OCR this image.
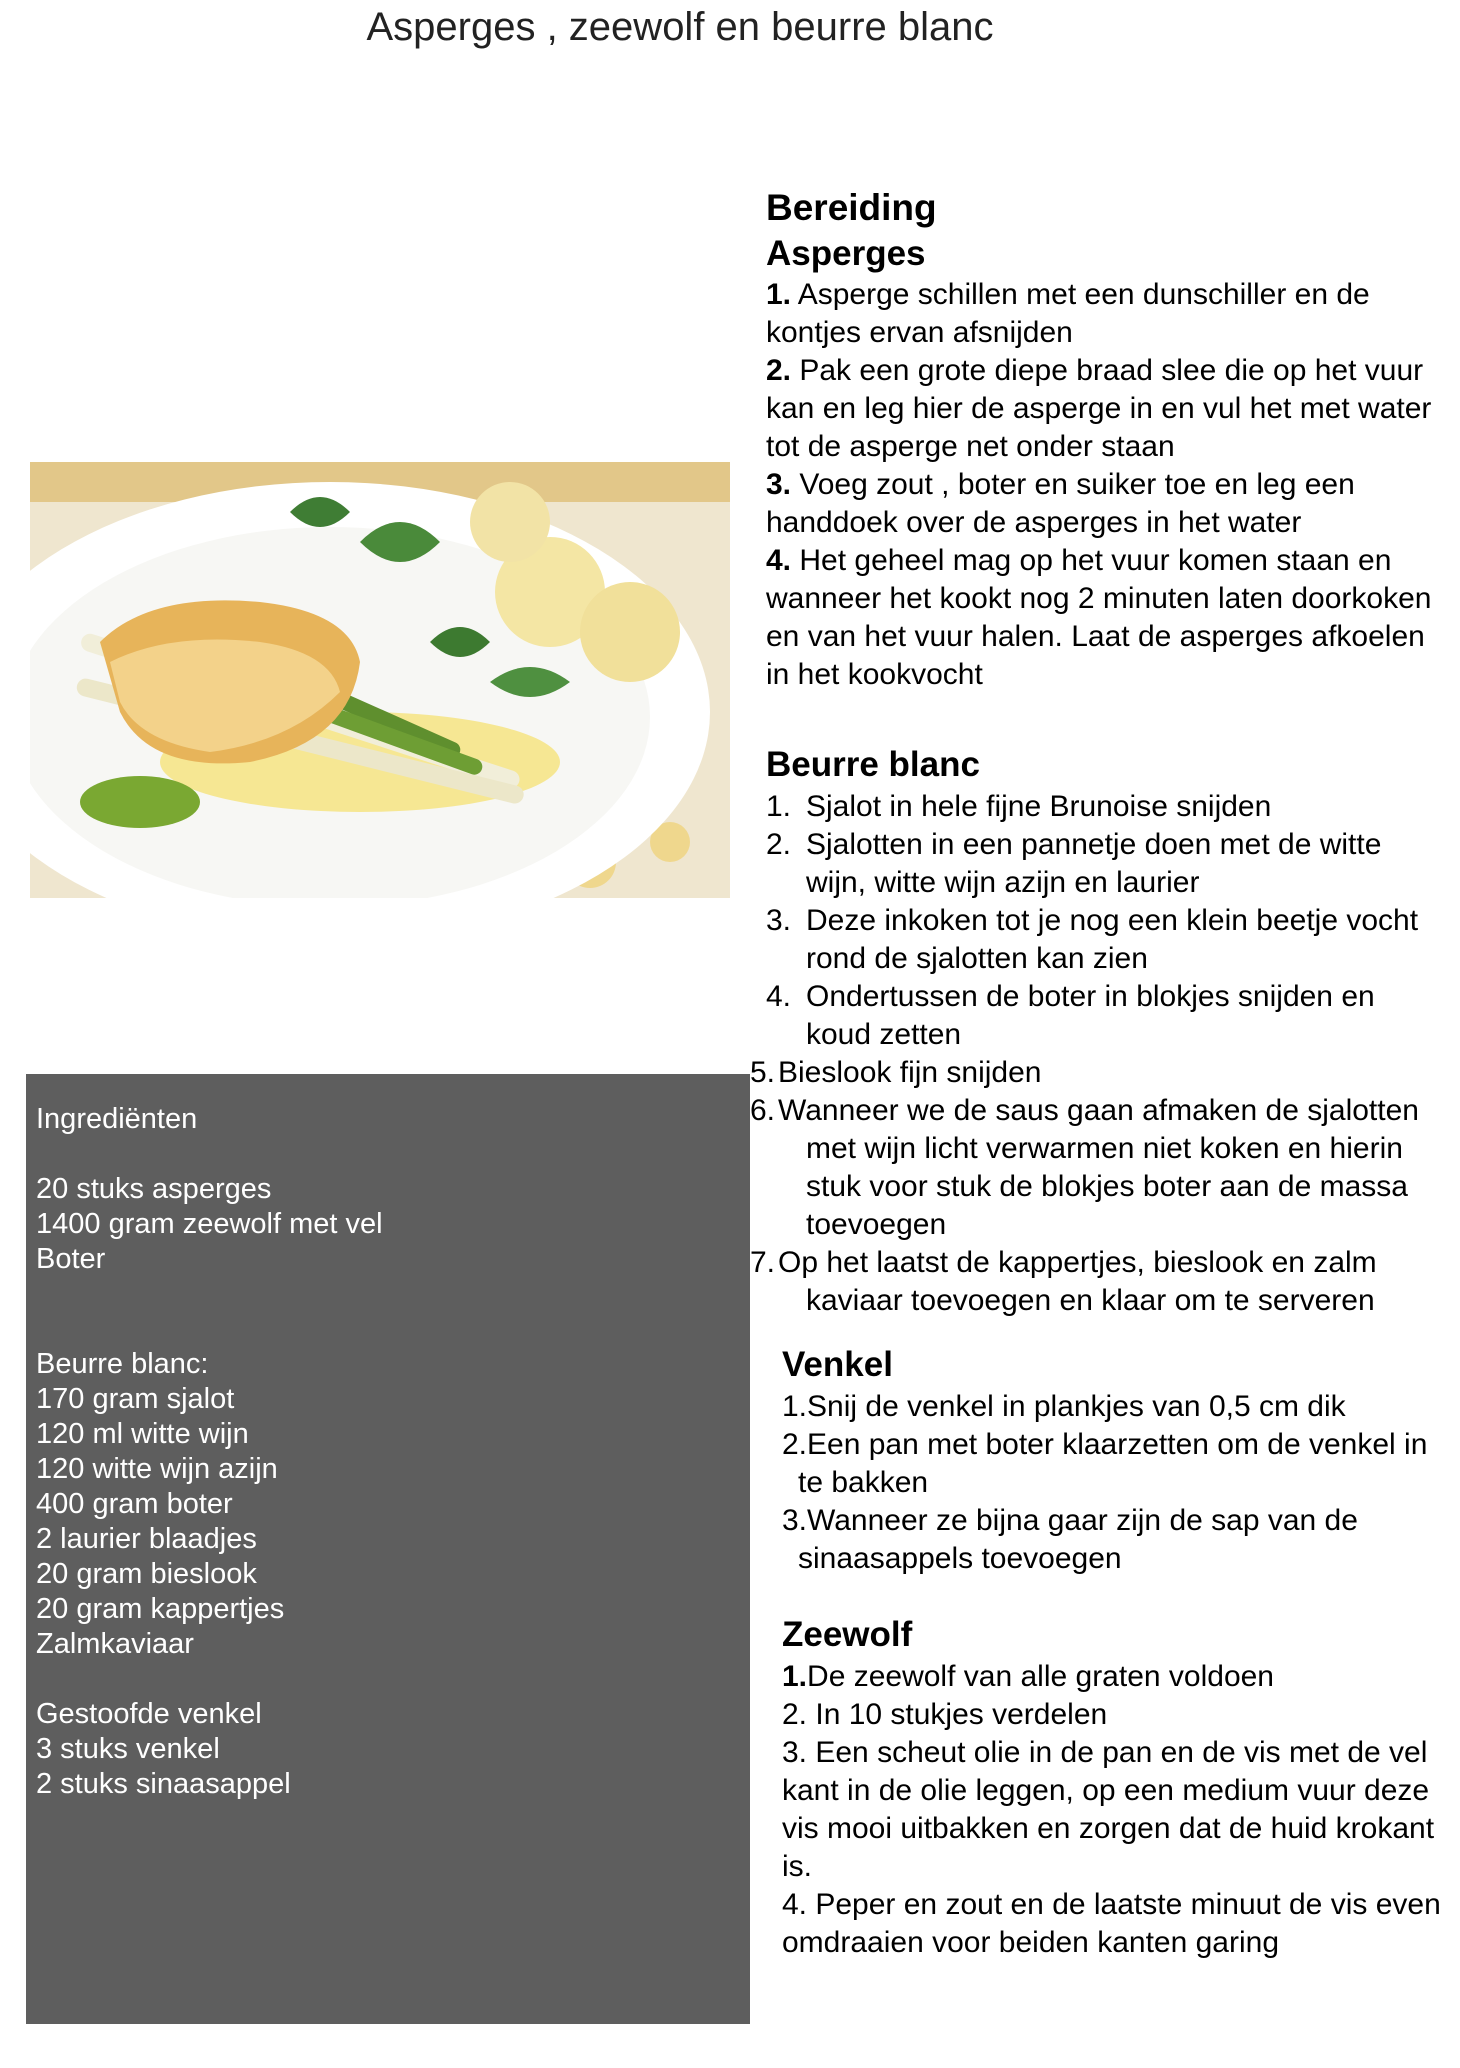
Asperges , zeewolf en beurre blanc
Ingrediënten
20 stuks asperges
1400 gram zeewolf met vel
Boter
Beurre blanc:
170 gram sjalot
120 ml witte wijn
120 witte wijn azijn
400 gram boter
2 laurier blaadjes
20 gram bieslook
20 gram kappertjes
Zalmkaviaar
Gestoofde venkel
3 stuks venkel
2 stuks sinaasappel
Bereiding
Asperges
1. Asperge schillen met een dunschiller en de kontjes ervan afsnijden
2. Pak een grote diepe braad slee die op het vuur
kan en leg hier de asperge in en vul het met water tot de asperge net onder staan
3. Voeg zout , boter en suiker toe en leg een handdoek over de asperges in het water
4. Het geheel mag op het vuur komen staan en wanneer het kookt nog 2 minuten laten doorkoken en van het vuur halen. Laat de asperges afkoelen in het kookvocht
Beurre blanc
1. Sjalot in hele fijne Brunoise snijden
2. Sjalotten in een pannetje doen met de witte wijn, witte wijn azijn en laurier
3. Deze inkoken tot je nog een klein beetje vocht rond de sjalotten kan zien
4. Ondertussen de boter in blokjes snijden en koud zetten
5.Bieslook fijn snijden
6.Wanneer we de saus gaan afmaken de sjalotten met wijn licht verwarmen niet koken en hierin stuk voor stuk de blokjes boter aan de massa toevoegen
7.Op het laatst de kappertjes, bieslook en zalm kaviaar toevoegen en klaar om te serveren
Venkel
1.Snij de venkel in plankjes van 0,5 cm dik
2.Een pan met boter klaarzetten om de venkel in te bakken
3.Wanneer ze bijna gaar zijn de sap van de sinaasappels toevoegen
Zeewolf
1.De zeewolf van alle graten voldoen
2. In 10 stukjes verdelen
3. Een scheut olie in de pan en de vis met de vel kant in de olie leggen, op een medium vuur deze vis mooi uitbakken en zorgen dat de huid krokant is.
4. Peper en zout en de laatste minuut de vis even omdraaien voor beiden kanten garing
